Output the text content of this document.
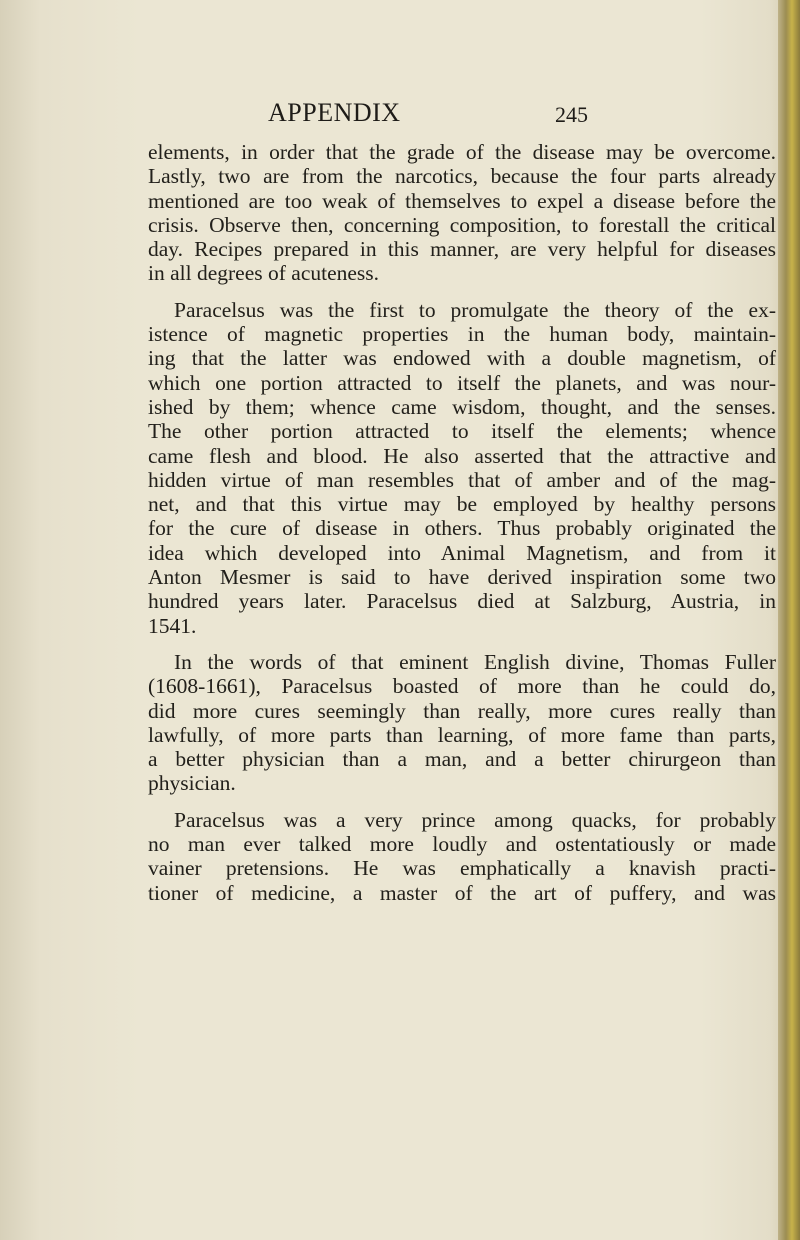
APPENDIX	245

elements, in order that the grade of the disease may be overcome.
Lastly, two are from the narcotics, because the four parts already
mentioned are too weak of themselves to expel a disease before the
crisis. Observe then, concerning composition, to forestall the critical
day. Recipes prepared in this manner, are very helpful for diseases
in all degrees of acuteness.

Paracelsus was the first to promulgate the theory of the ex-
istence of magnetic properties in the human body, maintain-
ing that the latter was endowed with a double magnetism, of
which one portion attracted to itself the planets, and was nour-
ished by them; whence came wisdom, thought, and the senses.
The other portion attracted to itself the elements; whence
came flesh and blood. He also asserted that the attractive and
hidden virtue of man resembles that of amber and of the mag-
net, and that this virtue may be employed by healthy persons
for the cure of disease in others. Thus probably originated the
idea which developed into Animal Magnetism, and from it
Anton Mesmer is said to have derived inspiration some two
hundred years later. Paracelsus died at Salzburg, Austria, in
1541.

In the words of that eminent English divine, Thomas Fuller
(1608-1661), Paracelsus boasted of more than he could do,
did more cures seemingly than really, more cures really than
lawfully, of more parts than learning, of more fame than parts,
a better physician than a man, and a better chirurgeon than
physician.

Paracelsus was a very prince among quacks, for probably
no man ever talked more loudly and ostentatiously or made
vainer pretensions. He was emphatically a knavish practi-
tioner of medicine, a master of the art of puffery, and was
